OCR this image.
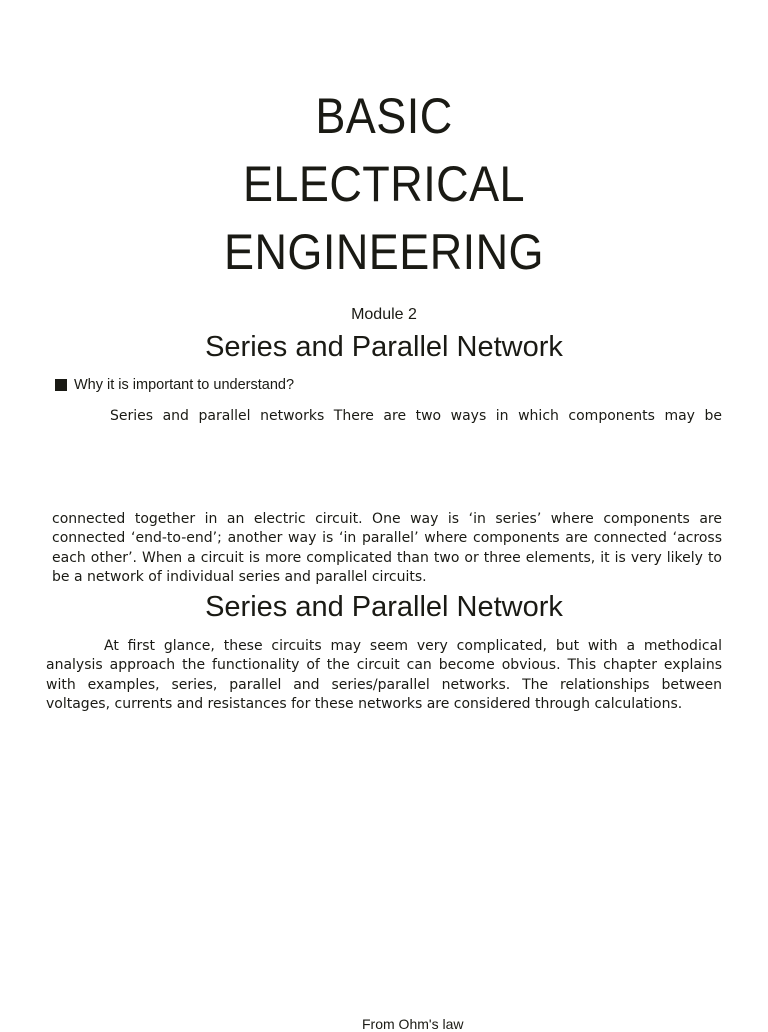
BASIC
ELECTRICAL
ENGINEERING
Module 2
Series and Parallel Network
Why it is important to understand?
Series and parallel networks There are two ways in which components may be
connected together in an electric circuit. One way is ‘in series’ where components are connected ‘end-to-end’; another way is ‘in parallel’ where components are connected ‘across each other’. When a circuit is more complicated than two or three elements, it is very likely to be a network of individual series and parallel circuits.
Series and Parallel Network
At first glance, these circuits may seem very complicated, but with a methodical analysis approach the functionality of the circuit can become obvious. This chapter explains with examples, series, parallel and series/parallel networks. The relationships between voltages, currents and resistances for these networks are considered through calculations.
From Ohm's law
